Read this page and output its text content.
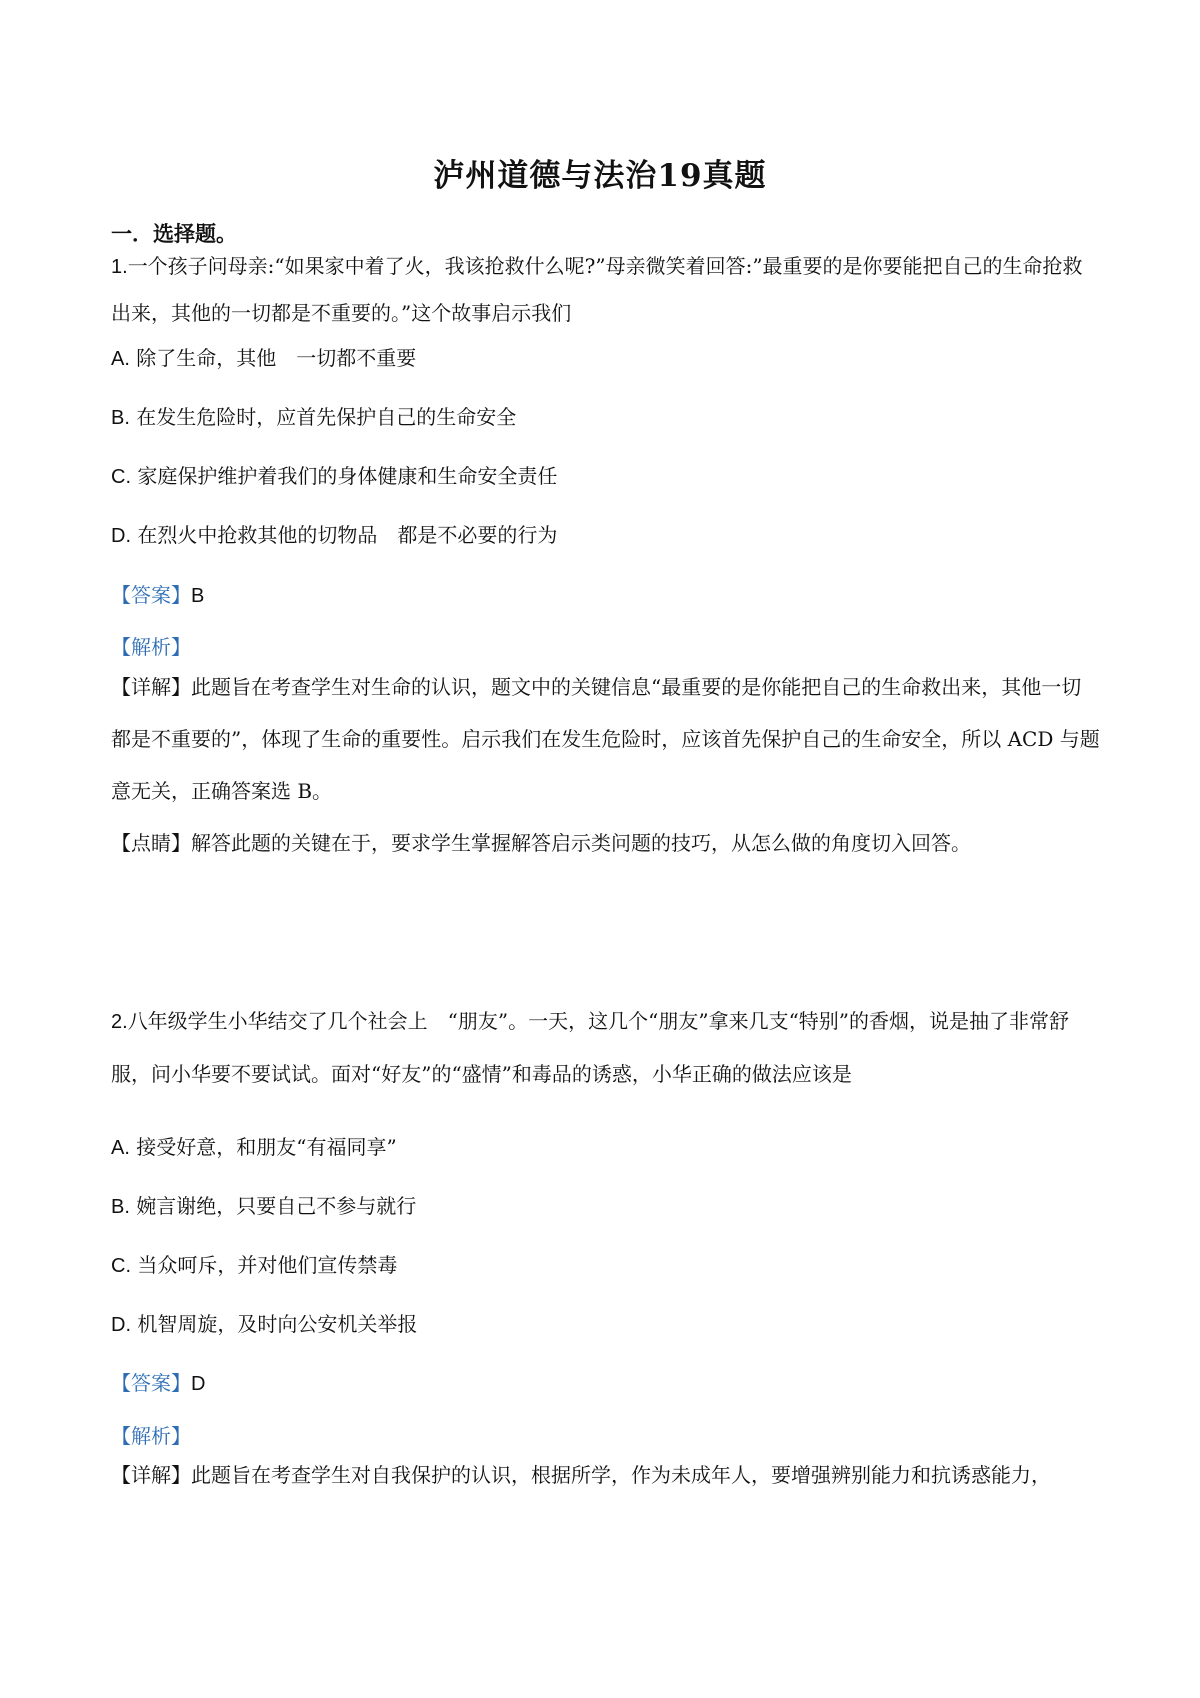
泸州道德与法治19真题
一．选择题。
1.一个孩子问母亲:“如果家中着了火，我该抢救什么呢?”母亲微笑着回答:”最重要的是你要能把自己的生命抢救出来，其他的一切都是不重要的。”这个故事启示我们
A. 除了生命，其他　一切都不重要
B. 在发生危险时，应首先保护自己的生命安全
C. 家庭保护维护着我们的身体健康和生命安全责任
D. 在烈火中抢救其他的切物品　都是不必要的行为
【答案】B
【解析】
【详解】此题旨在考查学生对生命的认识，题文中的关键信息“最重要的是你能把自己的生命救出来，其他一切都是不重要的”，体现了生命的重要性。启示我们在发生危险时，应该首先保护自己的生命安全，所以 ACD 与题意无关，正确答案选 B。
【点睛】解答此题的关键在于，要求学生掌握解答启示类问题的技巧，从怎么做的角度切入回答。
2.八年级学生小华结交了几个社会上　“朋友”。一天，这几个“朋友”拿来几支“特别”的香烟，说是抽了非常舒服，问小华要不要试试。面对“好友”的“盛情”和毒品的诱惑，小华正确的做法应该是
A. 接受好意，和朋友“有福同享”
B. 婉言谢绝，只要自己不参与就行
C. 当众呵斥，并对他们宣传禁毒
D. 机智周旋，及时向公安机关举报
【答案】D
【解析】
【详解】此题旨在考查学生对自我保护的认识，根据所学，作为未成年人，要增强辨别能力和抗诱惑能力，
